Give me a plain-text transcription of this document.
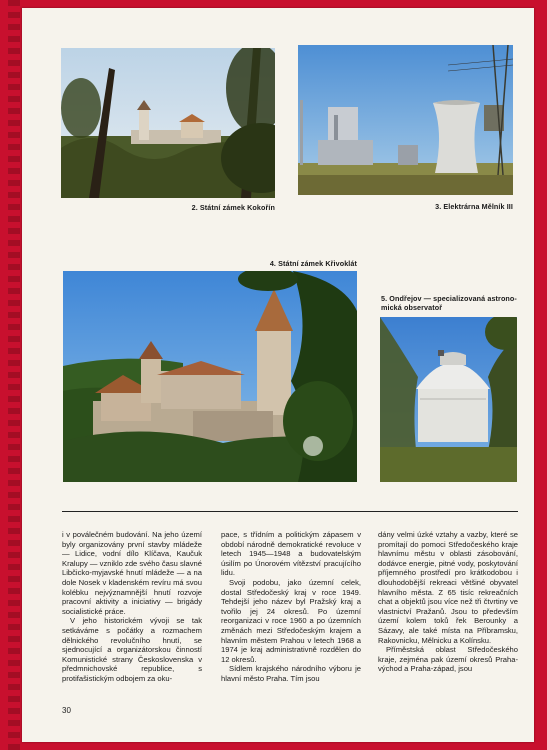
2. Státní zámek Kokořín	3. Elektrárna Mělník III
4. Státní zámek Křivoklát
5. Ondřejov — specializovaná astrono-
mická observatoř

i v poválečném budování. Na jeho území byly organizovány první stavby mládeže — Lidice, vodní dílo Klíčava, Kaučuk Kralupy — vzniklo zde svého času slavné Libčicko-myjavské hnutí mládeže — a na dole Nosek v kladenském revíru má svou kolébku nejvýznamnější hnutí rozvoje pracovní aktivity a iniciativy — brigády socialistické práce.

V jeho historickém vývoji se tak setkáváme s počátky a rozmachem dělnického revolučního hnutí, se sjednocující a organizátorskou činností Komunistické strany Československa v předmnichovské republice, s protifašistickým odbojem za oku-

pace, s třídním a politickým zápasem v období národně demokratické revoluce v letech 1945—1948 a budovatelským úsilím po Únorovém vítězství pracujícího lidu.

Svoji podobu, jako územní celek, dostal Středočeský kraj v roce 1949. Tehdejší jeho název byl Pražský kraj a tvořilo jej 24 okresů. Po územní reorganizaci v roce 1960 a po územních změnách mezi Středočeským krajem a hlavním městem Prahou v letech 1968 a 1974 je kraj administrativně rozdělen do 12 okresů.

Sídlem krajského národního výboru je hlavní město Praha. Tím jsou

dány velmi úzké vztahy a vazby, které se promítají do pomoci Středočeského kraje hlavnímu městu v oblasti zásobování, dodávce energie, pitné vody, poskytování příjemného prostředí pro krátkodobou i dlouhodobější rekreaci většiné obyvatel hlavního města. Z 65 tisíc rekreačních chat a objektů jsou více než tři čtvrtiny ve vlastnictví Pražanů. Jsou to především území kolem toků řek Berounky a Sázavy, ale také místa na Příbramsku, Rakovnicku, Mělnicku a Kolínsku.

Příměstská oblast Středočeského kraje, zejména pak území okresů Praha-východ a Praha-západ, jsou

30
